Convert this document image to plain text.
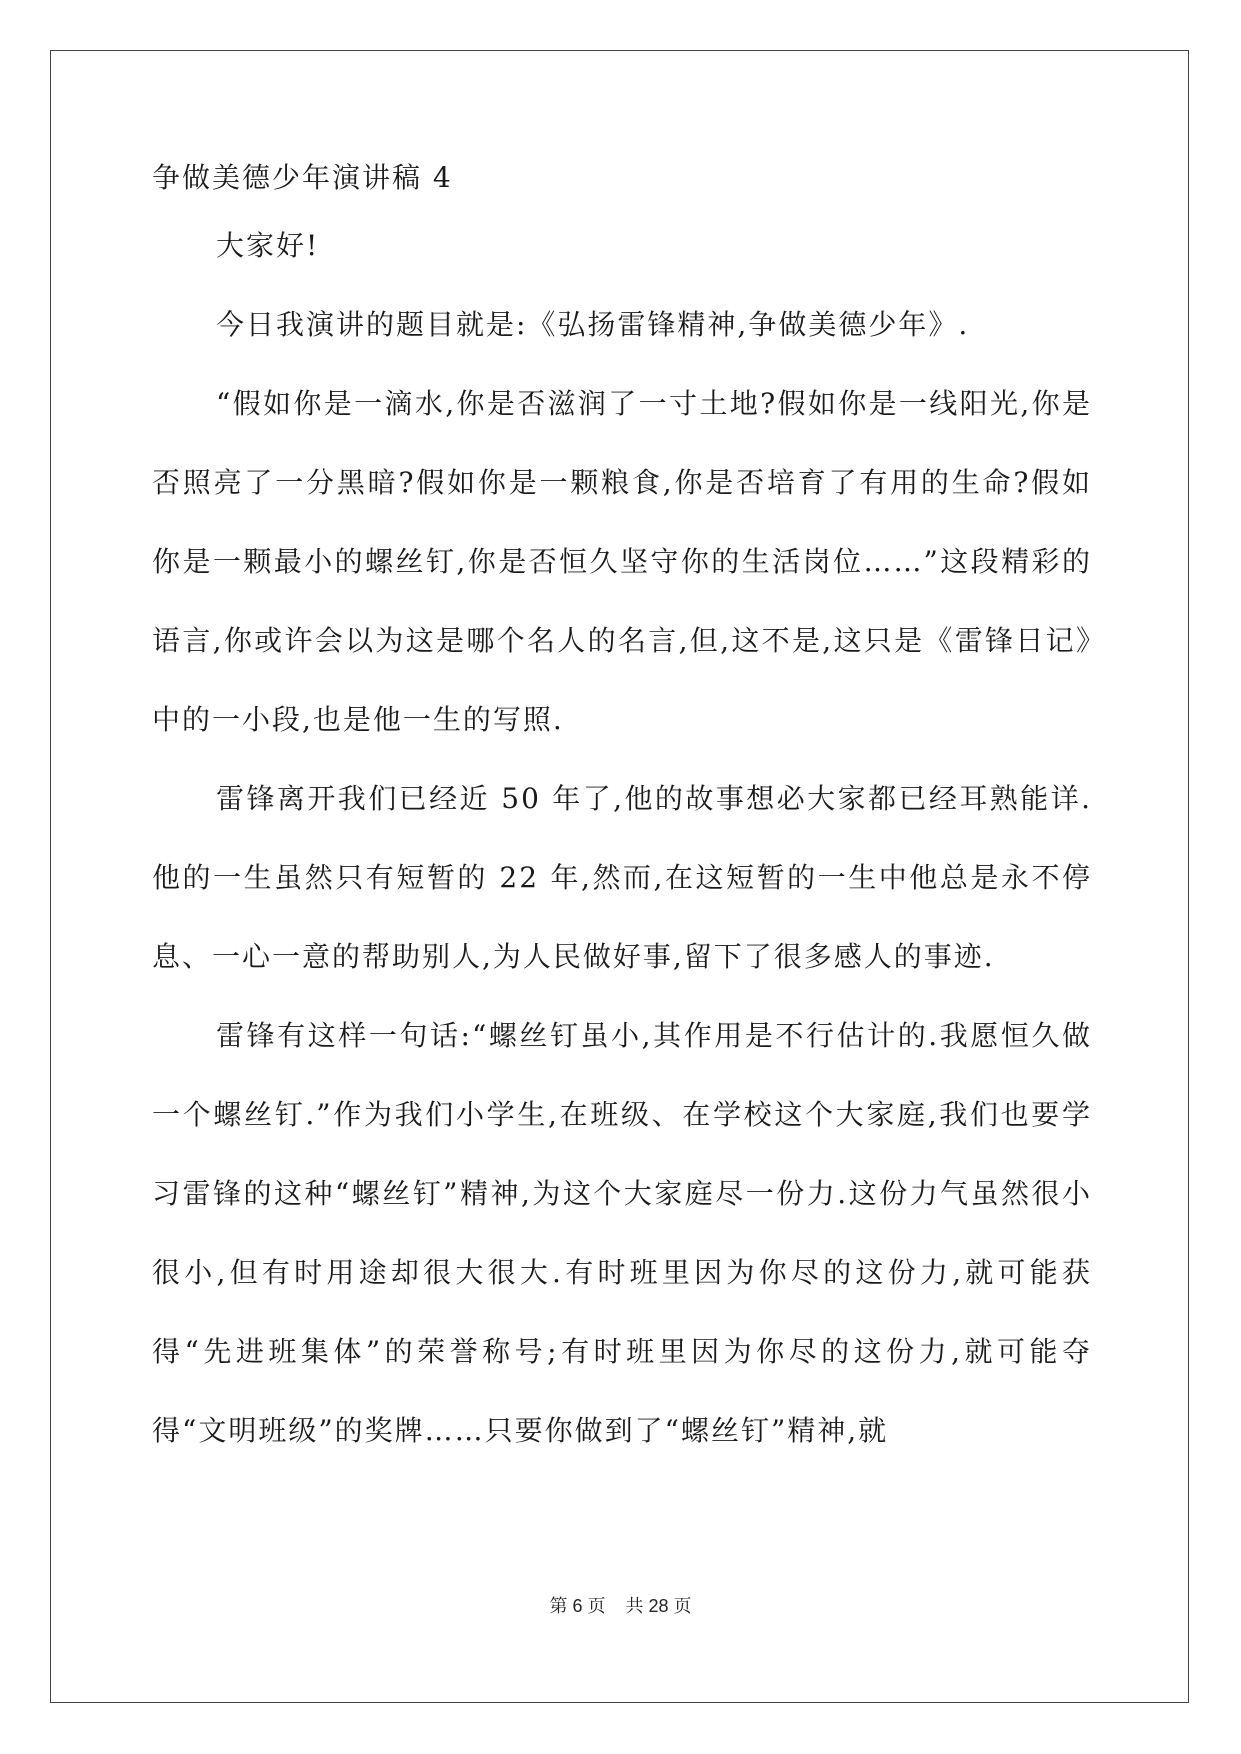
争做美德少年演讲稿 4

大家好!

今日我演讲的题目就是:《弘扬雷锋精神,争做美德少年》.

“假如你是一滴水,你是否滋润了一寸土地?假如你是一线阳光,你是否照亮了一分黑暗?假如你是一颗粮食,你是否培育了有用的生命?假如你是一颗最小的螺丝钉,你是否恒久坚守你的生活岗位……”这段精彩的语言,你或许会以为这是哪个名人的名言,但,这不是,这只是《雷锋日记》中的一小段,也是他一生的写照.

雷锋离开我们已经近 50 年了,他的故事想必大家都已经耳熟能详.他的一生虽然只有短暂的 22 年,然而,在这短暂的一生中他总是永不停息、一心一意的帮助别人,为人民做好事,留下了很多感人的事迹.

雷锋有这样一句话:“螺丝钉虽小,其作用是不行估计的.我愿恒久做一个螺丝钉.”作为我们小学生,在班级、在学校这个大家庭,我们也要学习雷锋的这种“螺丝钉”精神,为这个大家庭尽一份力.这份力气虽然很小很小,但有时用途却很大很大.有时班里因为你尽的这份力,就可能获得“先进班集体”的荣誉称号;有时班里因为你尽的这份力,就可能夺得“文明班级”的奖牌……只要你做到了“螺丝钉”精神,就

第 6 页 共 28 页
